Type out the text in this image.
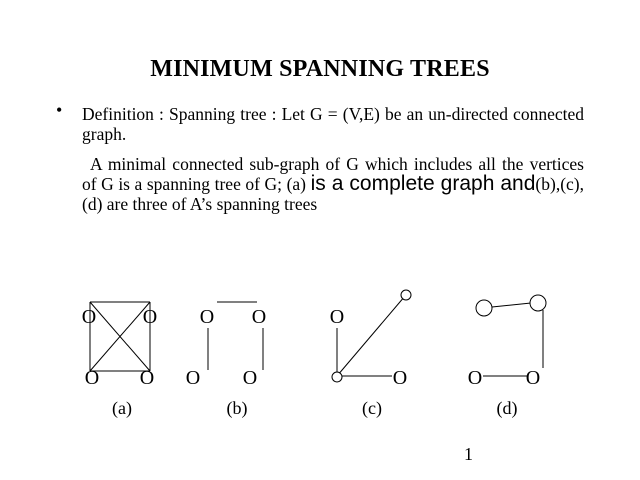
MINIMUM SPANNING TREES
• Definition : Spanning tree : Let G = (V,E) be an un-directed connected graph.

A minimal connected sub-graph of G which includes all the vertices of G is a spanning tree of G; (a) is a complete graph and(b),(c),(d) are three of A’s spanning trees

O O
O O
(a)
O O
O O
(b)
O
O
(c)
O O
(d)
1
